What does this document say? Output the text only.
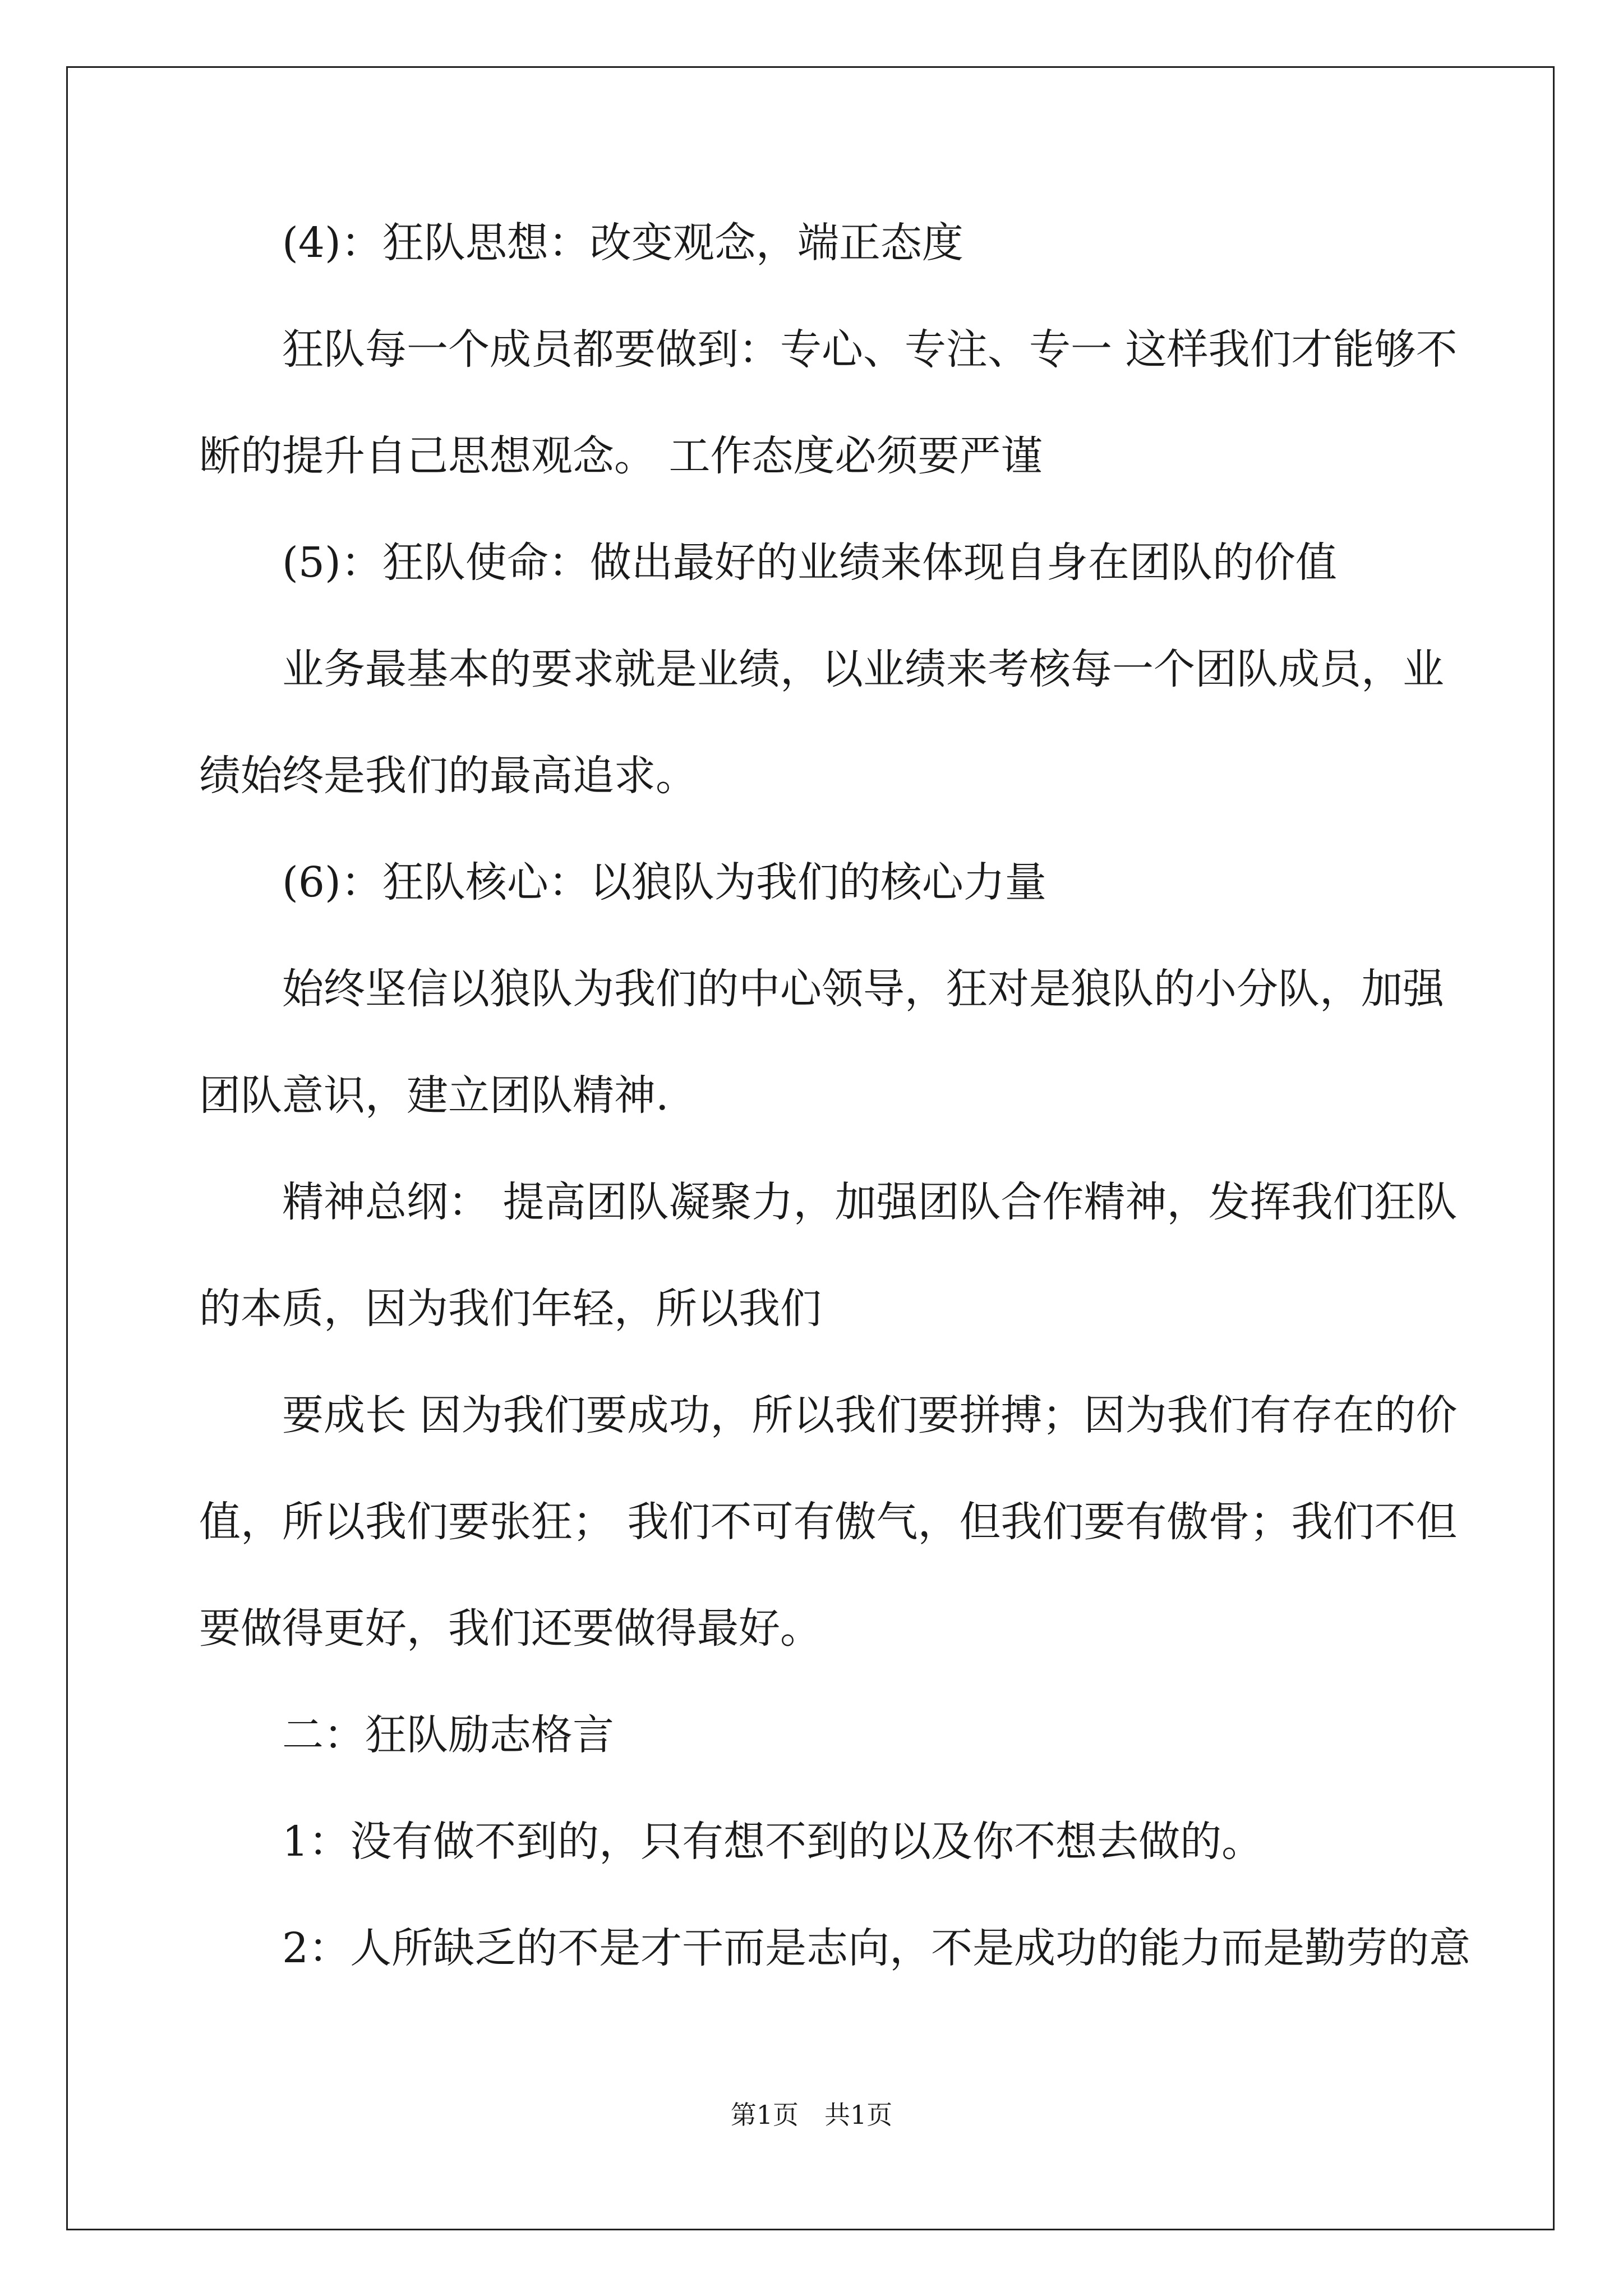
(4)：狂队思想：改变观念，端正态度
狂队每一个成员都要做到：专心、专注、专一 这样我们才能够不
断的提升自己思想观念。 工作态度必须要严谨
(5)：狂队使命：做出最好的业绩来体现自身在团队的价值
业务最基本的要求就是业绩，以业绩来考核每一个团队成员，业
绩始终是我们的最高追求。
(6)：狂队核心：以狼队为我们的核心力量
始终坚信以狼队为我们的中心领导，狂对是狼队的小分队，加强
团队意识，建立团队精神.
精神总纲： 提高团队凝聚力，加强团队合作精神，发挥我们狂队
的本质，因为我们年轻，所以我们
要成长 因为我们要成功，所以我们要拼搏；因为我们有存在的价
值，所以我们要张狂； 我们不可有傲气，但我们要有傲骨；我们不但
要做得更好，我们还要做得最好。
二：狂队励志格言
1：没有做不到的，只有想不到的以及你不想去做的。
2：人所缺乏的不是才干而是志向，不是成功的能力而是勤劳的意
第1页　共1页
